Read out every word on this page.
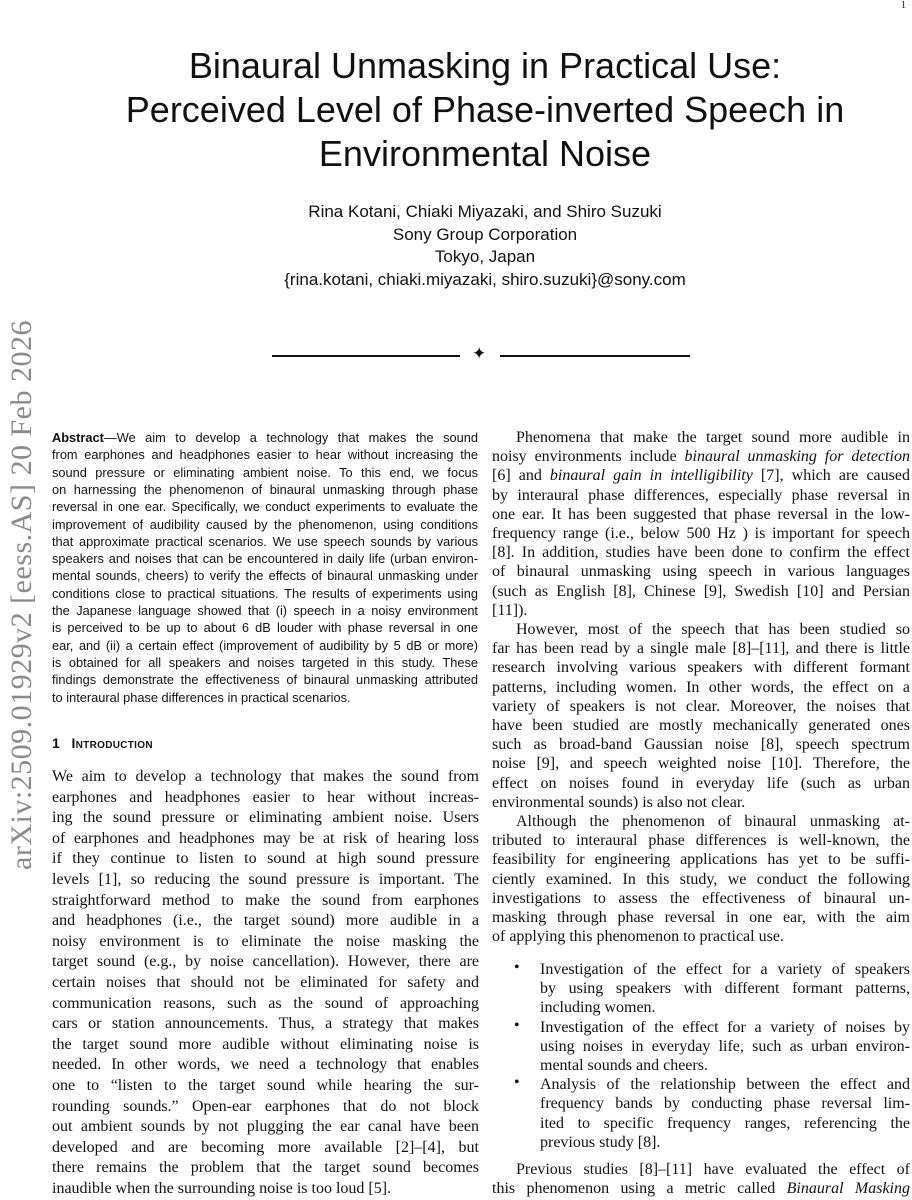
1
arXiv:2509.01929v2 [eess.AS] 20 Feb 2026
Binaural Unmasking in Practical Use:
Perceived Level of Phase-inverted Speech in
Environmental Noise
Rina Kotani, Chiaki Miyazaki, and Shiro Suzuki
Sony Group Corporation
Tokyo, Japan
{rina.kotani, chiaki.miyazaki, shiro.suzuki}@sony.com
✦
Abstract—We aim to develop a technology that makes the sound
from earphones and headphones easier to hear without increasing the
sound pressure or eliminating ambient noise. To this end, we focus
on harnessing the phenomenon of binaural unmasking through phase
reversal in one ear. Specifically, we conduct experiments to evaluate the
improvement of audibility caused by the phenomenon, using conditions
that approximate practical scenarios. We use speech sounds by various
speakers and noises that can be encountered in daily life (urban environ-
mental sounds, cheers) to verify the effects of binaural unmasking under
conditions close to practical situations. The results of experiments using
the Japanese language showed that (i) speech in a noisy environment
is perceived to be up to about 6 dB louder with phase reversal in one
ear, and (ii) a certain effect (improvement of audibility by 5 dB or more)
is obtained for all speakers and noises targeted in this study. These
findings demonstrate the effectiveness of binaural unmasking attributed
to interaural phase differences in practical scenarios.
1 Introduction
We aim to develop a technology that makes the sound from
earphones and headphones easier to hear without increas-
ing the sound pressure or eliminating ambient noise. Users
of earphones and headphones may be at risk of hearing loss
if they continue to listen to sound at high sound pressure
levels [1], so reducing the sound pressure is important. The
straightforward method to make the sound from earphones
and headphones (i.e., the target sound) more audible in a
noisy environment is to eliminate the noise masking the
target sound (e.g., by noise cancellation). However, there are
certain noises that should not be eliminated for safety and
communication reasons, such as the sound of approaching
cars or station announcements. Thus, a strategy that makes
the target sound more audible without eliminating noise is
needed. In other words, we need a technology that enables
one to “listen to the target sound while hearing the sur-
rounding sounds.” Open-ear earphones that do not block
out ambient sounds by not plugging the ear canal have been
developed and are becoming more available [2]–[4], but
there remains the problem that the target sound becomes
inaudible when the surrounding noise is too loud [5].
Phenomena that make the target sound more audible in
noisy environments include binaural unmasking for detection
[6] and binaural gain in intelligibility [7], which are caused
by interaural phase differences, especially phase reversal in
one ear. It has been suggested that phase reversal in the low-
frequency range (i.e., below 500 Hz ) is important for speech
[8]. In addition, studies have been done to confirm the effect
of binaural unmasking using speech in various languages
(such as English [8], Chinese [9], Swedish [10] and Persian
[11]).
However, most of the speech that has been studied so
far has been read by a single male [8]–[11], and there is little
research involving various speakers with different formant
patterns, including women. In other words, the effect on a
variety of speakers is not clear. Moreover, the noises that
have been studied are mostly mechanically generated ones
such as broad-band Gaussian noise [8], speech spectrum
noise [9], and speech weighted noise [10]. Therefore, the
effect on noises found in everyday life (such as urban
environmental sounds) is also not clear.
Although the phenomenon of binaural unmasking at-
tributed to interaural phase differences is well-known, the
feasibility for engineering applications has yet to be suffi-
ciently examined. In this study, we conduct the following
investigations to assess the effectiveness of binaural un-
masking through phase reversal in one ear, with the aim
of applying this phenomenon to practical use.
• Investigation of the effect for a variety of speakers
by using speakers with different formant patterns,
including women.
• Investigation of the effect for a variety of noises by
using noises in everyday life, such as urban environ-
mental sounds and cheers.
• Analysis of the relationship between the effect and
frequency bands by conducting phase reversal lim-
ited to specific frequency ranges, referencing the
previous study [8].
Previous studies [8]–[11] have evaluated the effect of
this phenomenon using a metric called Binaural Masking
